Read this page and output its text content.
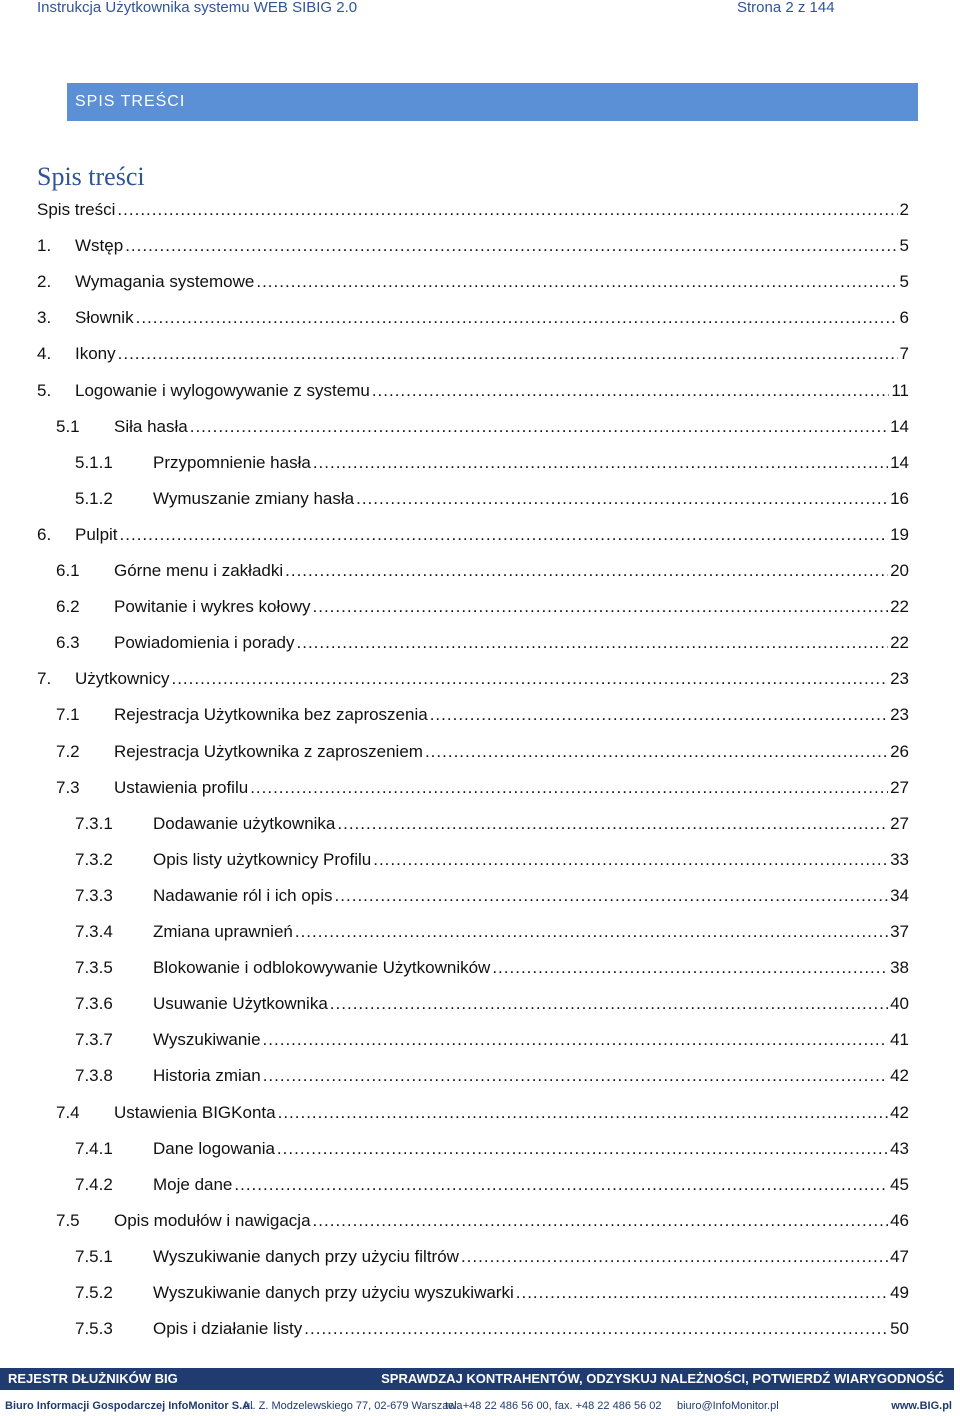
Instrukcja Użytkownika systemu WEB SIBIG 2.0	Strona 2 z 144
SPIS TREŚCI
Spis treści
Spis treści .....	2
1. Wstęp .....	5
2. Wymagania systemowe .....	5
3. Słownik .....	6
4. Ikony .....	7
5. Logowanie i wylogowywanie z systemu .....	11
5.1 Siła hasła .....	14
5.1.1 Przypomnienie hasła .....	14
5.1.2 Wymuszanie zmiany hasła .....	16
6. Pulpit .....	19
6.1 Górne menu i zakładki .....	20
6.2 Powitanie i wykres kołowy .....	22
6.3 Powiadomienia i porady .....	22
7. Użytkownicy .....	23
7.1 Rejestracja Użytkownika bez zaproszenia .....	23
7.2 Rejestracja Użytkownika z zaproszeniem .....	26
7.3 Ustawienia profilu .....	27
7.3.1 Dodawanie użytkownika .....	27
7.3.2 Opis listy użytkownicy Profilu .....	33
7.3.3 Nadawanie ról i ich opis .....	34
7.3.4 Zmiana uprawnień .....	37
7.3.5 Blokowanie i odblokowywanie Użytkowników .....	38
7.3.6 Usuwanie Użytkownika .....	40
7.3.7 Wyszukiwanie .....	41
7.3.8 Historia zmian .....	42
7.4 Ustawienia BIGKonta .....	42
7.4.1 Dane logowania .....	43
7.4.2 Moje dane .....	45
7.5 Opis modułów i nawigacja .....	46
7.5.1 Wyszukiwanie danych przy użyciu filtrów .....	47
7.5.2 Wyszukiwanie danych przy użyciu wyszukiwarki .....	49
7.5.3 Opis i działanie listy .....	50
REJESTR DŁUŻNIKÓW BIG	SPRAWDZAJ KONTRAHENTÓW, ODZYSKUJ NALEŻNOŚCI, POTWIERDŹ WIARYGODNOŚĆ
Biuro Informacji Gospodarczej InfoMonitor S.A.
ul. Z. Modzelewskiego 77, 02-679 Warszawa
tel. +48 22 486 56 00, fax. +48 22 486 56 02 biuro@InfoMonitor.pl	www.BIG.pl
